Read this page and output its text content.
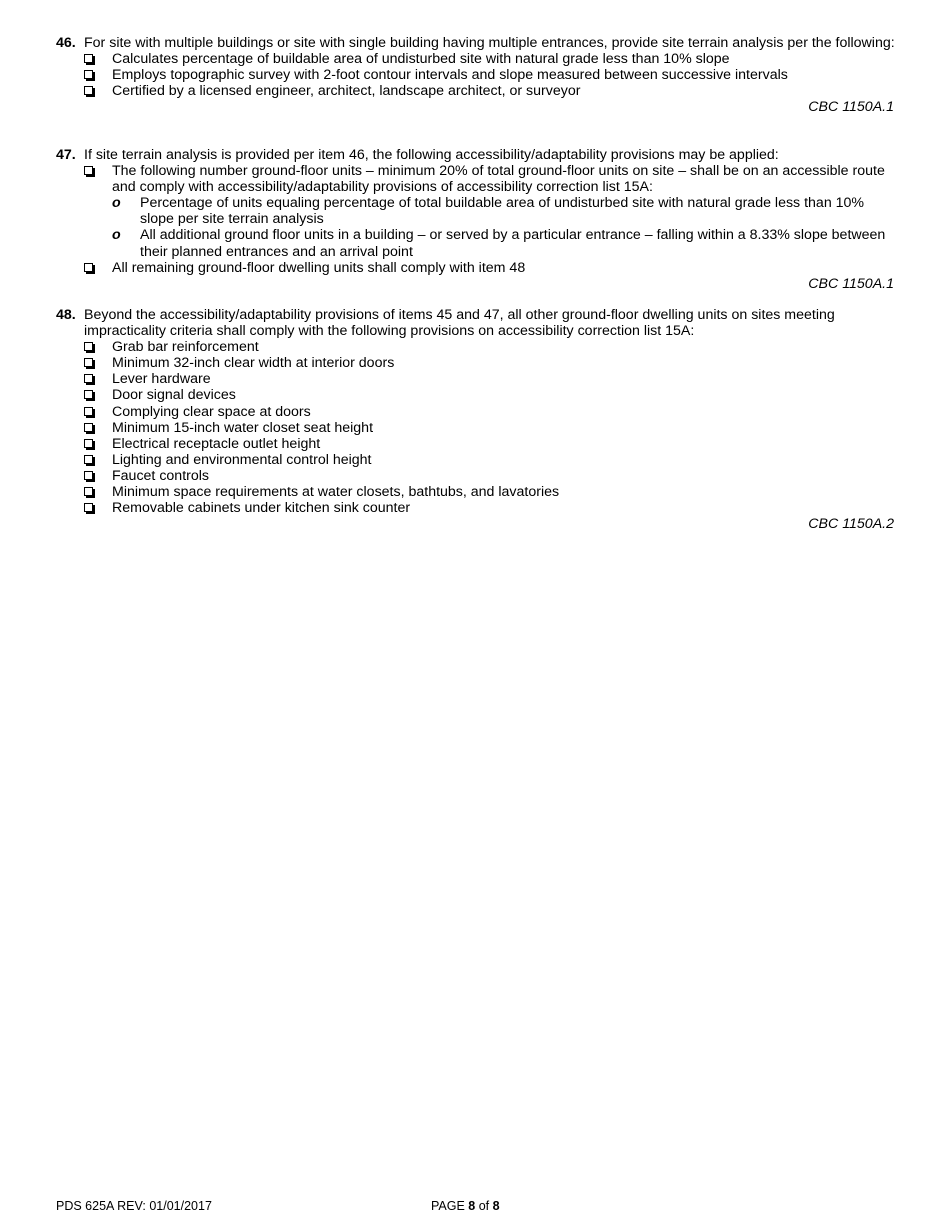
46. For site with multiple buildings or site with single building having multiple entrances, provide site terrain analysis per the following:
Calculates percentage of buildable area of undisturbed site with natural grade less than 10% slope
Employs topographic survey with 2-foot contour intervals and slope measured between successive intervals
Certified by a licensed engineer, architect, landscape architect, or surveyor
CBC 1150A.1
47. If site terrain analysis is provided per item 46, the following accessibility/adaptability provisions may be applied:
The following number ground-floor units – minimum 20% of total ground-floor units on site – shall be on an accessible route and comply with accessibility/adaptability provisions of accessibility correction list 15A:
o Percentage of units equaling percentage of total buildable area of undisturbed site with natural grade less than 10% slope per site terrain analysis
o All additional ground floor units in a building – or served by a particular entrance – falling within a 8.33% slope between their planned entrances and an arrival point
All remaining ground-floor dwelling units shall comply with item 48
CBC 1150A.1
48. Beyond the accessibility/adaptability provisions of items 45 and 47, all other ground-floor dwelling units on sites meeting impracticality criteria shall comply with the following provisions on accessibility correction list 15A:
Grab bar reinforcement
Minimum 32-inch clear width at interior doors
Lever hardware
Door signal devices
Complying clear space at doors
Minimum 15-inch water closet seat height
Electrical receptacle outlet height
Lighting and environmental control height
Faucet controls
Minimum space requirements at water closets, bathtubs, and lavatories
Removable cabinets under kitchen sink counter
CBC 1150A.2
PDS 625A REV: 01/01/2017	PAGE 8 of 8
